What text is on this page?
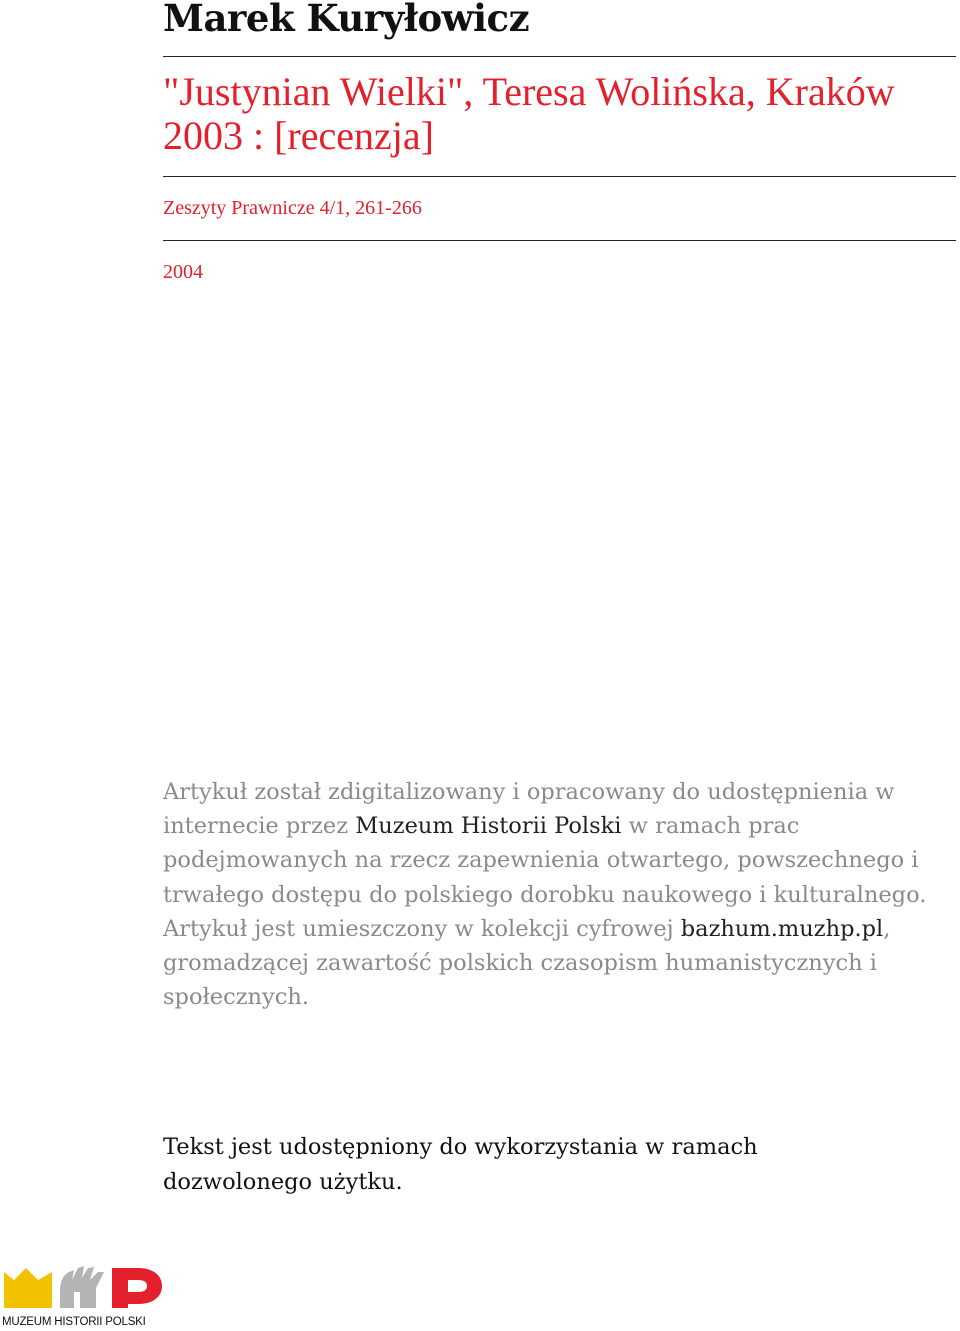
Marek Kuryłowicz
"Justynian Wielki", Teresa Wolińska, Kraków 2003 : [recenzja]

Zeszyty Prawnicze 4/1, 261-266

2004

Artykuł został zdigitalizowany i opracowany do udostępnienia w internecie przez Muzeum Historii Polski w ramach prac podejmowanych na rzecz zapewnienia otwartego, powszechnego i trwałego dostępu do polskiego dorobku naukowego i kulturalnego. Artykuł jest umieszczony w kolekcji cyfrowej bazhum.muzhp.pl, gromadzącej zawartość polskich czasopism humanistycznych i społecznych.

Tekst jest udostępniony do wykorzystania w ramach dozwolonego użytku.

MUZEUM HISTORII POLSKI
